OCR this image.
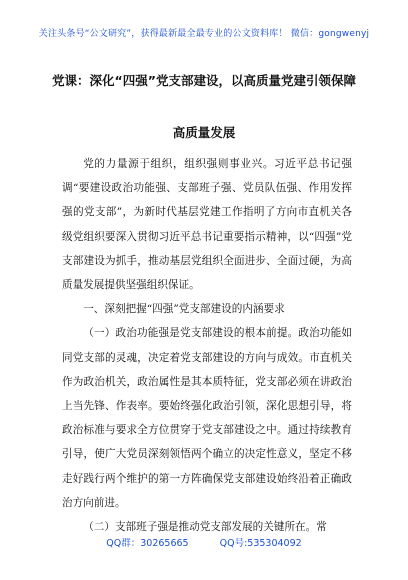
关注头条号“公文研究”，获得最新最全最专业的公文资料库！ 微信：gongwenyj
党课：深化“四强”党支部建设，以高质量党建引领保障
高质量发展

党的力量源于组织，组织强则事业兴。习近平总书记强调“要建设政治功能强、支部班子强、党员队伍强、作用发挥强的党支部”，为新时代基层党建工作指明了方向市直机关各级党组织要深入贯彻习近平总书记重要指示精神，以“四强”党支部建设为抓手，推动基层党组织全面进步、全面过硬，为高质量发展提供坚强组织保证。

一、深刻把握“四强”党支部建设的内涵要求

（一）政治功能强是党支部建设的根本前提。政治功能如同党支部的灵魂，决定着党支部建设的方向与成效。市直机关作为政治机关，政治属性是其本质特征，党支部必须在讲政治上当先锋、作表率。要始终强化政治引领，深化思想引导，将政治标准与要求全方位贯穿于党支部建设之中。通过持续教育引导，使广大党员深刻领悟两个确立的决定性意义，坚定不移走好践行两个维护的第一方阵确保党支部建设始终沿着正确政治方向前进。

（二）支部班子强是推动党支部发展的关键所在。常

QQ群：30265665 QQ号:535304092
